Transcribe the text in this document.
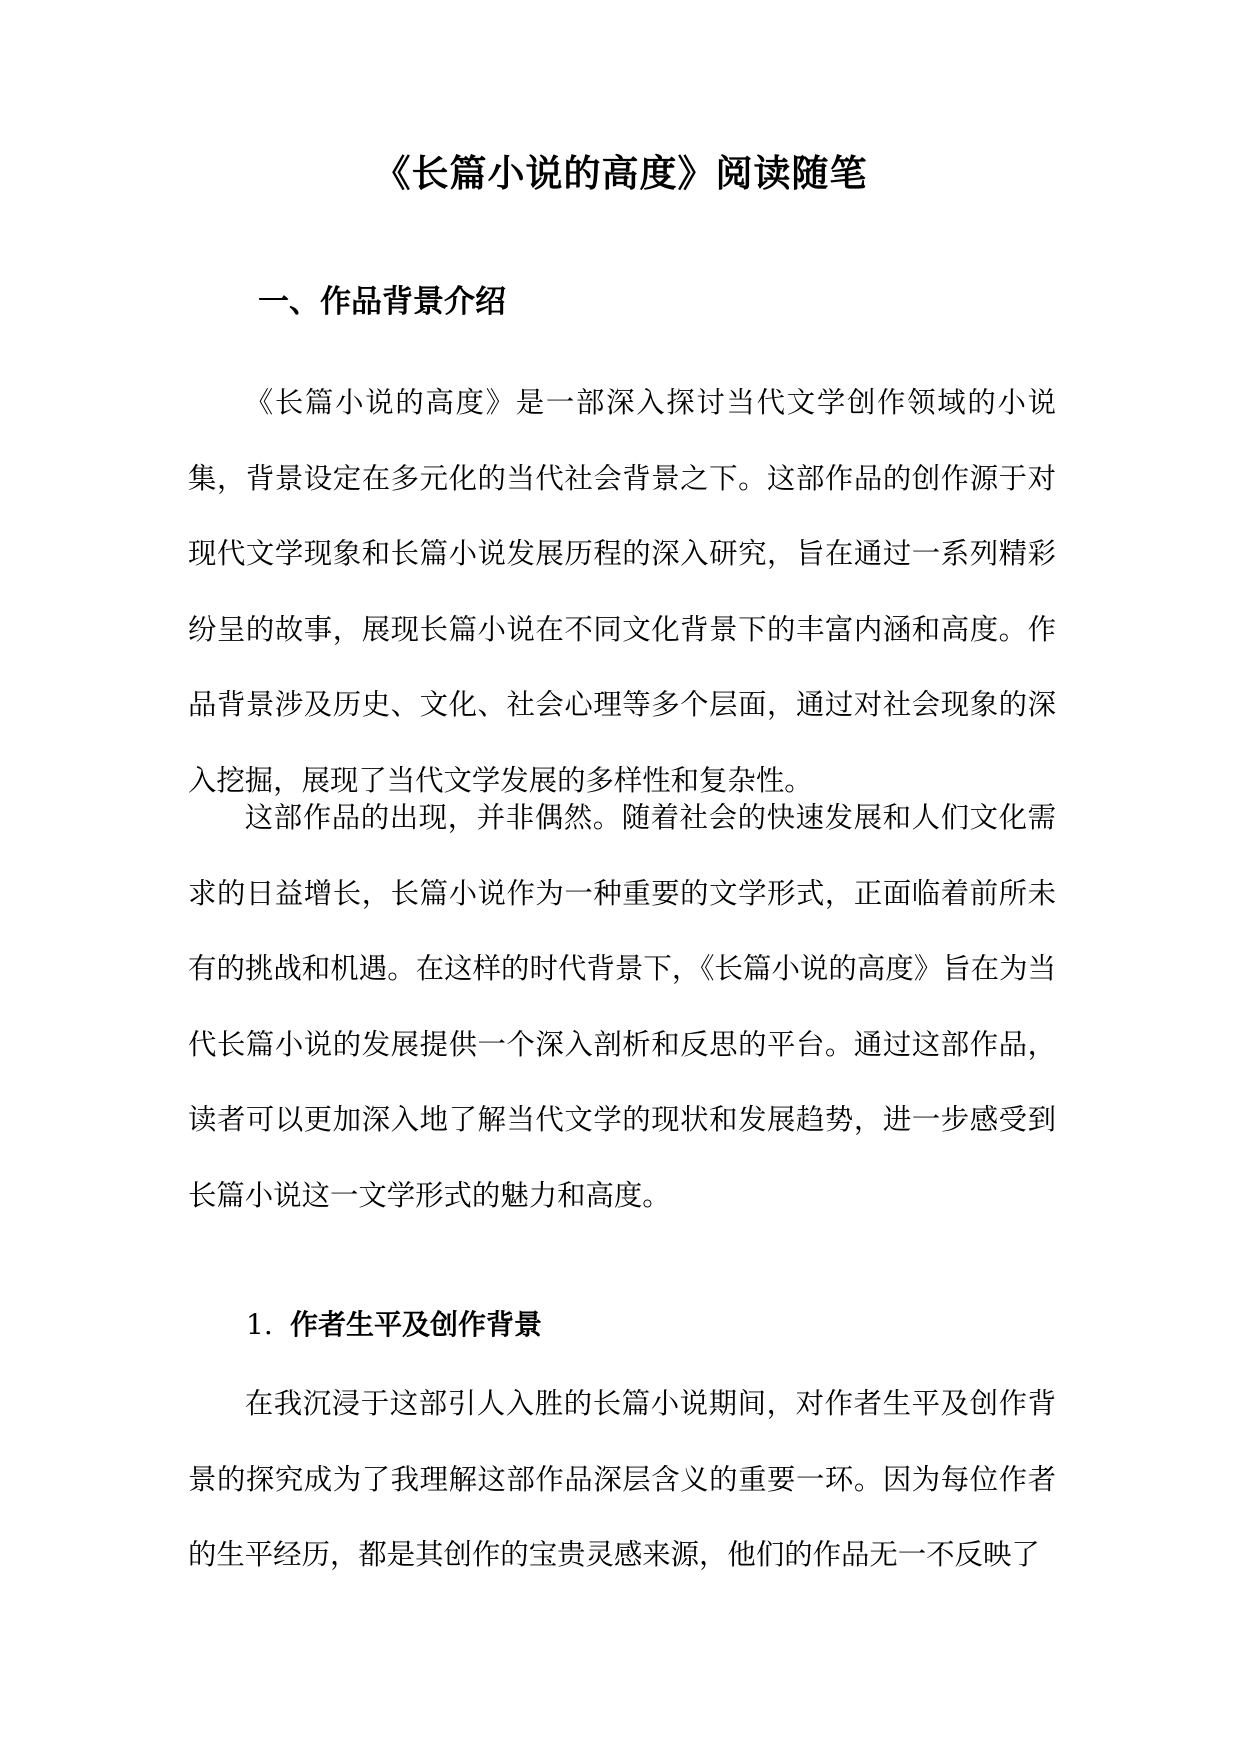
《长篇小说的高度》阅读随笔
一、作品背景介绍

《长篇小说的高度》是一部深入探讨当代文学创作领域的小说集，背景设定在多元化的当代社会背景之下。这部作品的创作源于对现代文学现象和长篇小说发展历程的深入研究，旨在通过一系列精彩纷呈的故事，展现长篇小说在不同文化背景下的丰富内涵和高度。作品背景涉及历史、文化、社会心理等多个层面，通过对社会现象的深入挖掘，展现了当代文学发展的多样性和复杂性。

这部作品的出现，并非偶然。随着社会的快速发展和人们文化需求的日益增长，长篇小说作为一种重要的文学形式，正面临着前所未有的挑战和机遇。在这样的时代背景下，《长篇小说的高度》旨在为当代长篇小说的发展提供一个深入剖析和反思的平台。通过这部作品，读者可以更加深入地了解当代文学的现状和发展趋势，进一步感受到长篇小说这一文学形式的魅力和高度。

1. 作者生平及创作背景

在我沉浸于这部引人入胜的长篇小说期间，对作者生平及创作背景的探究成为了我理解这部作品深层含义的重要一环。因为每位作者的生平经历，都是其创作的宝贵灵感来源，他们的作品无一不反映了
